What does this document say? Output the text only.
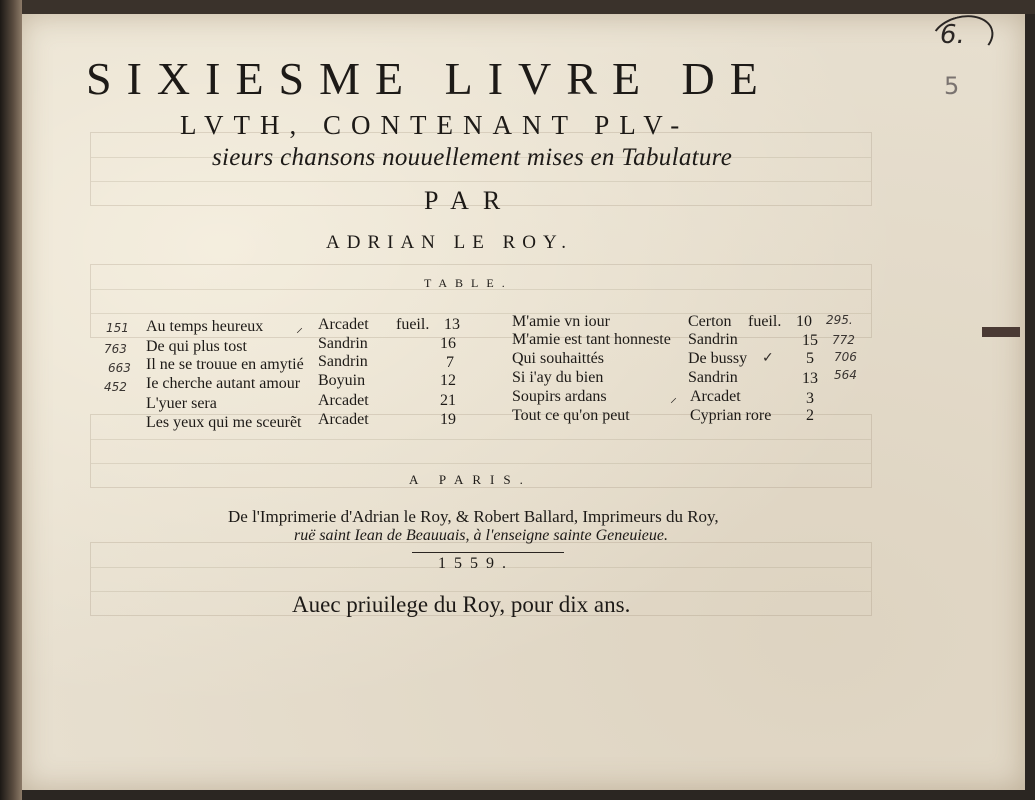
6.
5
SIXIESME LIVRE DE
LVTH, CONTENANT PLV-
sieurs chansons nouuellement mises en Tabulature
PAR
ADRIAN LE ROY.
TABLE.
151 Au temps heureux ⸝ Arcadet fueil. 13
763 De qui plus tost	Sandrin	16
663 Il ne se trouue en amytié Sandrin	7
452 Ie cherche autant amour Boyuin	12
L'yuer sera	Arcadet	21
Les yeux qui me sceurẽt Arcadet	19
M'amie vn iour	Certon fueil. 10 295.
M'amie est tant honneste Sandrin	15 772
Qui souhaittés	De bussy ✓ 5 706
Si i'ay du bien	Sandrin	13 564
Soupirs ardans	⸝ Arcadet	3
Tout ce qu'on peut	Cyprian rore 2
A PARIS.
De l'Imprimerie d'Adrian le Roy, & Robert Ballard, Imprimeurs du Roy,
ruë saint Iean de Beauuais, à l'enseigne sainte Geneuieue.
1559.
Auec priuilege du Roy, pour dix ans.
